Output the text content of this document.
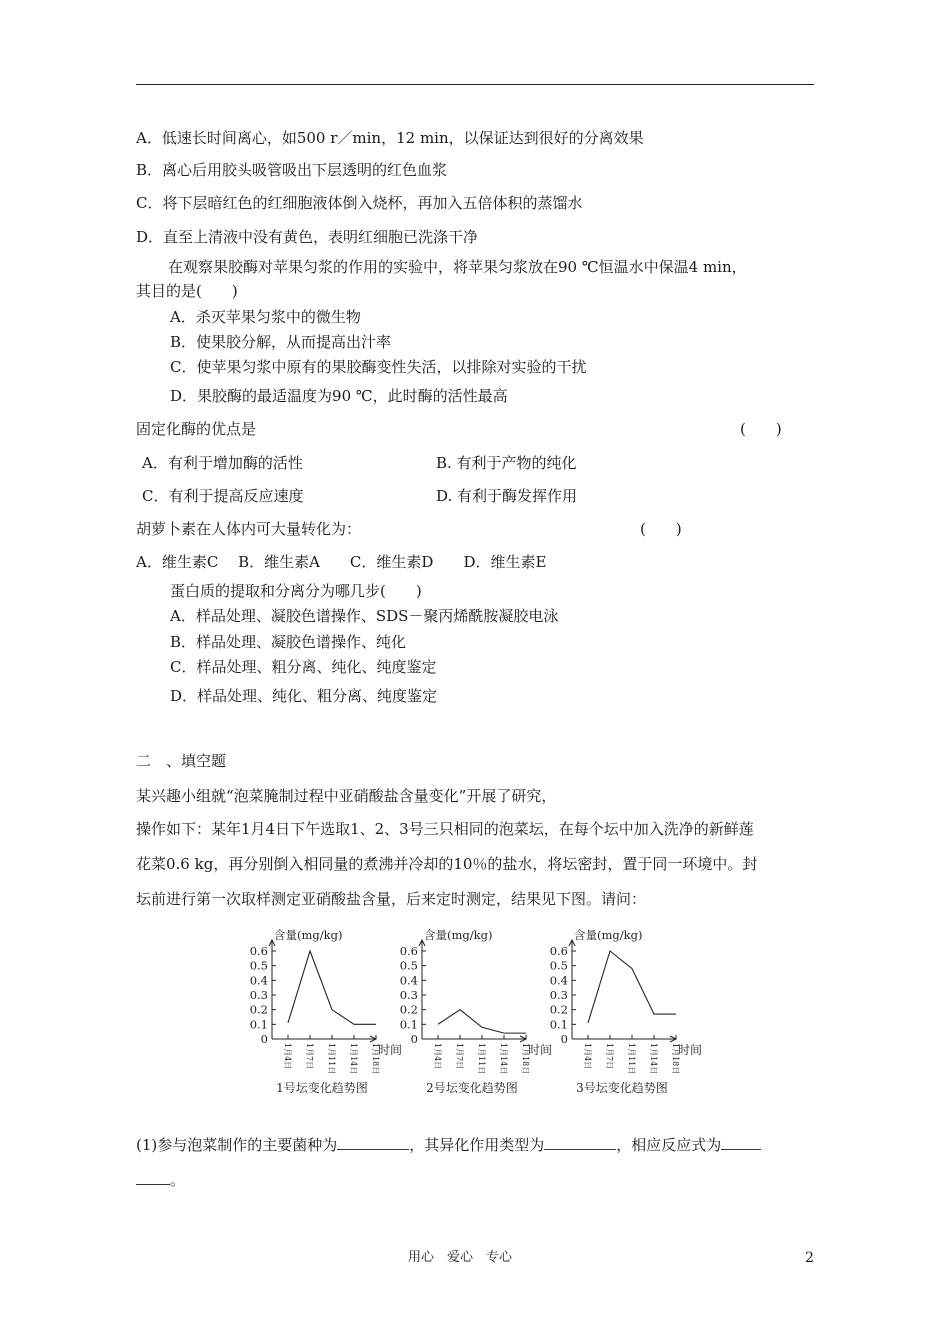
A．低速长时间离心，如500 r／min，12 min，以保证达到很好的分离效果
B．离心后用胶头吸管吸出下层透明的红色血浆
C．将下层暗红色的红细胞液体倒入烧杯，再加入五倍体积的蒸馏水
D．直至上清液中没有黄色，表明红细胞已洗涤干净
在观察果胶酶对苹果匀浆的作用的实验中，将苹果匀浆放在90 ℃恒温水中保温4 min，
其目的是(　　)
A．杀灭苹果匀浆中的微生物
B．使果胶分解，从而提高出汁率
C．使苹果匀浆中原有的果胶酶变性失活，以排除对实验的干扰
D．果胶酶的最适温度为90 ℃，此时酶的活性最高
固定化酶的优点是	(　　)
A．有利于增加酶的活性	B. 有利于产物的纯化
C．有利于提高反应速度	D. 有利于酶发挥作用
胡萝卜素在人体内可大量转化为：	(　　)
A．维生素C　 B．维生素A　　C．维生素D　　D．维生素E
蛋白质的提取和分离分为哪几步(　　)
A．样品处理、凝胶色谱操作、SDS－聚丙烯酰胺凝胶电泳
B．样品处理、凝胶色谱操作、纯化
C．样品处理、粗分离、纯化、纯度鉴定
D．样品处理、纯化、粗分离、纯度鉴定
二　、填空题
某兴趣小组就“泡菜腌制过程中亚硝酸盐含量变化”开展了研究，
操作如下：某年1月4日下午选取1、2、3号三只相同的泡菜坛，在每个坛中加入洗净的新鲜莲
花菜0.6 kg，再分别倒入相同量的煮沸并冷却的10％的盐水，将坛密封，置于同一环境中。封
坛前进行第一次取样测定亚硝酸盐含量，后来定时测定，结果见下图。请问：
含量(mg/kg)
时间
0
0.1
0.2
0.3
0.4
0.5
0.6
1月4日 1月7日 1月11日 1月14日 1月18日
1号坛变化趋势图
含量(mg/kg)
时间
0
0.1
0.2
0.3
0.4
0.5
0.6
1月4日 1月7日 1月11日 1月14日 1月18日
2号坛变化趋势图
含量(mg/kg)
时间
0
0.1
0.2
0.3
0.4
0.5
0.6
1月4日 1月7日 1月11日 1月14日 1月18日
3号坛变化趋势图
(1)参与泡菜制作的主要菌种为	，其异化作用类型为	，相应反应式为
。
用心　爱心　专心	2
